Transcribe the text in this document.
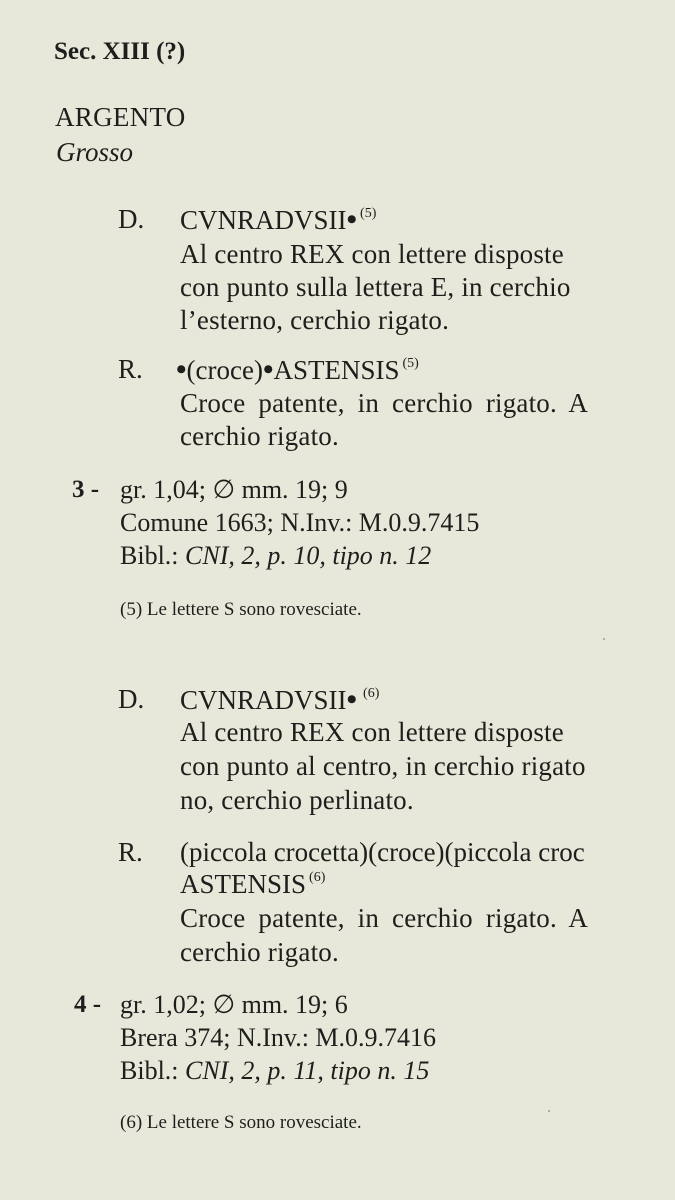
Sec. XIII (?)
ARGENTO
Grosso
D. CVNRADVSII• $^{(5)}$
Al centro REX con lettere disposte
con punto sulla lettera E, in cerchio
l’esterno, cerchio rigato.
R. •(croce)•ASTENSIS $^{(5)}$
Croce patente, in cerchio rigato. A
cerchio rigato.
3 - gr. 1,04; ∅ mm. 19; 9
Comune 1663; N.Inv.: M.0.9.7415
Bibl.: CNI, 2, p. 10, tipo n. 12
(5) Le lettere S sono rovesciate.
D. CVNRADVSII• $^{(6)}$
Al centro REX con lettere disposte
con punto al centro, in cerchio rigato
no, cerchio perlinato.
R. (piccola crocetta)(croce)(piccola croc
ASTENSIS $^{(6)}$
Croce patente, in cerchio rigato. A
cerchio rigato.
4 - gr. 1,02; ∅ mm. 19; 6
Brera 374; N.Inv.: M.0.9.7416
Bibl.: CNI, 2, p. 11, tipo n. 15
(6) Le lettere S sono rovesciate.
